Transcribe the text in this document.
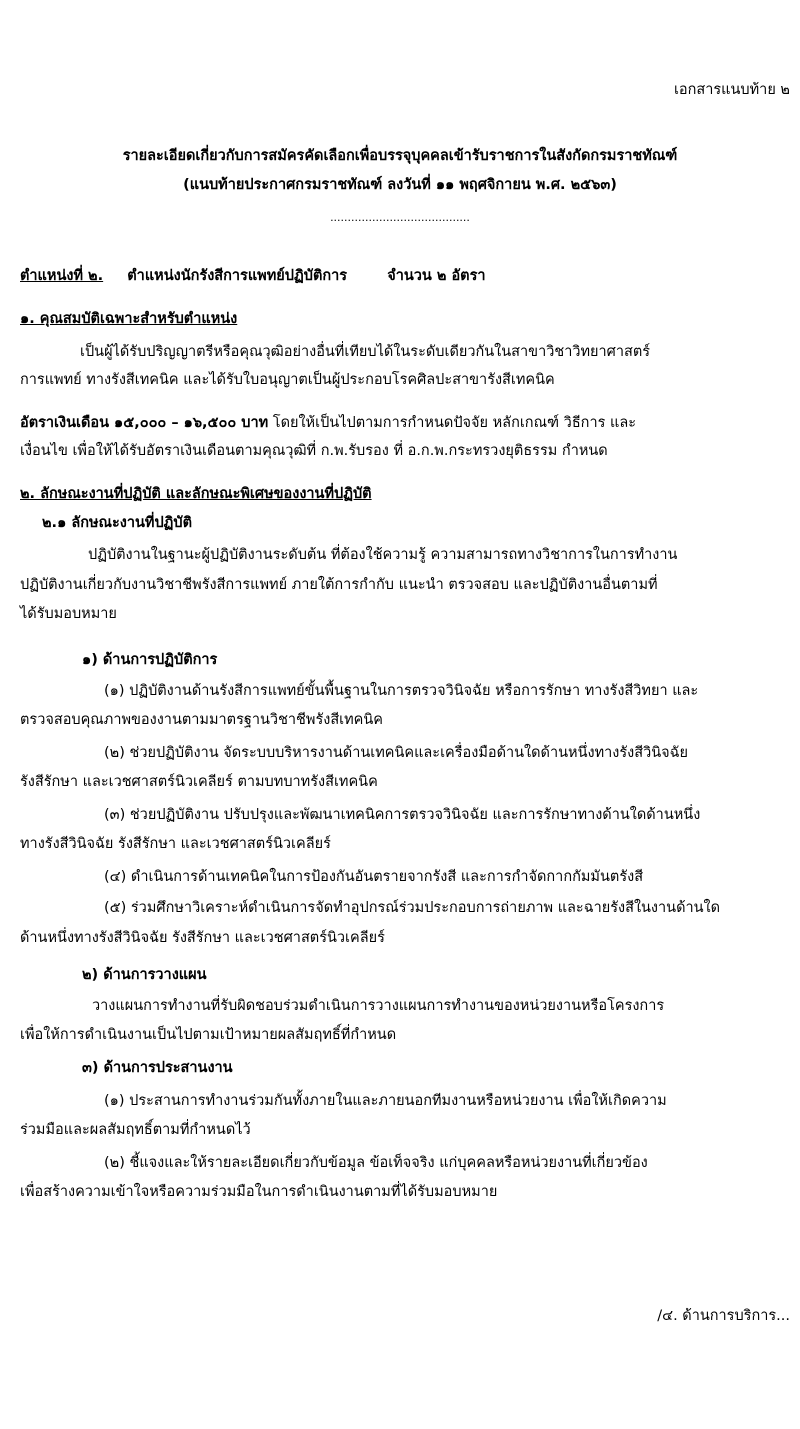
เอกสารแนบท้าย ๒
รายละเอียดเกี่ยวกับการสมัครคัดเลือกเพื่อบรรจุบุคคลเข้ารับราชการในสังกัดกรมราชทัณฑ์
(แนบท้ายประกาศกรมราชทัณฑ์ ลงวันที่ ๑๑ พฤศจิกายน พ.ศ. ๒๕๖๓)
........................................
ตำแหน่งที่ ๒. ตำแหน่งนักรังสีการแพทย์ปฏิบัติการ	จำนวน ๒ อัตรา
๑. คุณสมบัติเฉพาะสำหรับตำแหน่ง
เป็นผู้ได้รับปริญญาตรีหรือคุณวุฒิอย่างอื่นที่เทียบได้ในระดับเดียวกันในสาขาวิชาวิทยาศาสตร์
การแพทย์ ทางรังสีเทคนิค และได้รับใบอนุญาตเป็นผู้ประกอบโรคศิลปะสาขารังสีเทคนิค
อัตราเงินเดือน ๑๕,๐๐๐ – ๑๖,๕๐๐ บาท โดยให้เป็นไปตามการกำหนดปัจจัย หลักเกณฑ์ วิธีการ และ
เงื่อนไข เพื่อให้ได้รับอัตราเงินเดือนตามคุณวุฒิที่ ก.พ.รับรอง ที่ อ.ก.พ.กระทรวงยุติธรรม กำหนด
๒. ลักษณะงานที่ปฏิบัติ และลักษณะพิเศษของงานที่ปฏิบัติ
๒.๑ ลักษณะงานที่ปฏิบัติ
ปฏิบัติงานในฐานะผู้ปฏิบัติงานระดับต้น ที่ต้องใช้ความรู้ ความสามารถทางวิชาการในการทำงาน
ปฏิบัติงานเกี่ยวกับงานวิชาชีพรังสีการแพทย์ ภายใต้การกำกับ แนะนำ ตรวจสอบ และปฏิบัติงานอื่นตามที่
ได้รับมอบหมาย
๑) ด้านการปฏิบัติการ
(๑) ปฏิบัติงานด้านรังสีการแพทย์ขั้นพื้นฐานในการตรวจวินิจฉัย หรือการรักษา ทางรังสีวิทยา และ
ตรวจสอบคุณภาพของงานตามมาตรฐานวิชาชีพรังสีเทคนิค
(๒) ช่วยปฏิบัติงาน จัดระบบบริหารงานด้านเทคนิคและเครื่องมือด้านใดด้านหนึ่งทางรังสีวินิจฉัย
รังสีรักษา และเวชศาสตร์นิวเคลียร์ ตามบทบาทรังสีเทคนิค
(๓) ช่วยปฏิบัติงาน ปรับปรุงและพัฒนาเทคนิคการตรวจวินิจฉัย และการรักษาทางด้านใดด้านหนึ่ง
ทางรังสีวินิจฉัย รังสีรักษา และเวชศาสตร์นิวเคลียร์
(๔) ดำเนินการด้านเทคนิคในการป้องกันอันตรายจากรังสี และการกำจัดกากกัมมันตรังสี
(๕) ร่วมศึกษาวิเคราะห์ดำเนินการจัดทำอุปกรณ์ร่วมประกอบการถ่ายภาพ และฉายรังสีในงานด้านใด
ด้านหนึ่งทางรังสีวินิจฉัย รังสีรักษา และเวชศาสตร์นิวเคลียร์
๒) ด้านการวางแผน
วางแผนการทำงานที่รับผิดชอบร่วมดำเนินการวางแผนการทำงานของหน่วยงานหรือโครงการ
เพื่อให้การดำเนินงานเป็นไปตามเป้าหมายผลสัมฤทธิ์ที่กำหนด
๓) ด้านการประสานงาน
(๑) ประสานการทำงานร่วมกันทั้งภายในและภายนอกทีมงานหรือหน่วยงาน เพื่อให้เกิดความ
ร่วมมือและผลสัมฤทธิ์ตามที่กำหนดไว้
(๒) ชี้แจงและให้รายละเอียดเกี่ยวกับข้อมูล ข้อเท็จจริง แก่บุคคลหรือหน่วยงานที่เกี่ยวข้อง
เพื่อสร้างความเข้าใจหรือความร่วมมือในการดำเนินงานตามที่ได้รับมอบหมาย
/๔. ด้านการบริการ...
